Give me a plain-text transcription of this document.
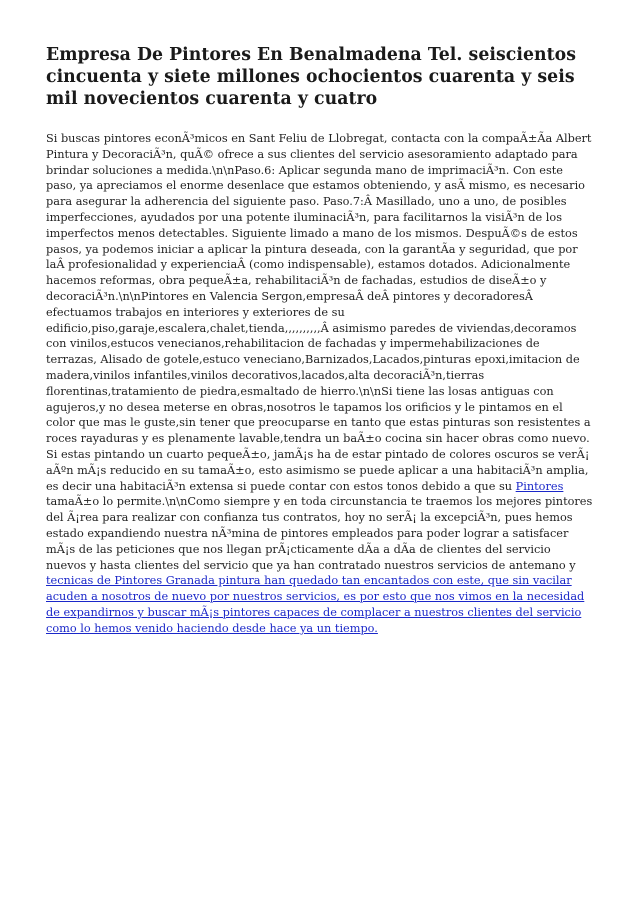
Empresa De Pintores En Benalmadena Tel. seiscientos cincuenta y siete millones ochocientos cuarenta y seis mil novecientos cuarenta y cuatro

Si buscas pintores econÃ³micos en Sant Feliu de Llobregat, contacta con la compaÃ±Ãa Albert Pintura y DecoraciÃ³n, quÃ© ofrece a sus clientes del servicio asesoramiento adaptado para brindar soluciones a medida.\n\nPaso.6: Aplicar segunda mano de imprimaciÃ³n. Con este paso, ya apreciamos el enorme desenlace que estamos obteniendo, y asÃ mismo, es necesario para asegurar la adherencia del siguiente paso. Paso.7:Â Masillado, uno a uno, de posibles imperfecciones, ayudados por una potente iluminaciÃ³n, para facilitarnos la visiÃ³n de los imperfectos menos detectables. Siguiente limado a mano de los mismos. DespuÃ©s de estos pasos, ya podemos iniciar a aplicar la pintura deseada, con la garantÃa y seguridad, que por laÂ profesionalidad y experienciaÂ (como indispensable), estamos dotados. Adicionalmente hacemos reformas, obra pequeÃ±a, rehabilitaciÃ³n de fachadas, estudios de diseÃ±o y decoraciÃ³n.\n\nPintores en Valencia Sergon,empresaÂ deÂ pintores y decoradoresÂ efectuamos trabajos en interiores y exteriores de su edificio,piso,garaje,escalera,chalet,tienda,,,,,,,,,,Â asimismo paredes de viviendas,decoramos con vinilos,estucos venecianos,rehabilitacion de fachadas y impermehabilizaciones de terrazas, Alisado de gotele,estuco veneciano,Barnizados,Lacados,pinturas epoxi,imitacion de madera,vinilos infantiles,vinilos decorativos,lacados,alta decoraciÃ³n,tierras florentinas,tratamiento de piedra,esmaltado de hierro.\n\nSi tiene las losas antiguas con agujeros,y no desea meterse en obras,nosotros le tapamos los orificios y le pintamos en el color que mas le guste,sin tener que preocuparse en tanto que estas pinturas son resistentes a roces rayaduras y es plenamente lavable,tendra un baÃ±o cocina sin hacer obras como nuevo. Si estas pintando un cuarto pequeÃ±o, jamÃ¡s ha de estar pintado de colores oscuros se verÃ¡ aÃºn mÃ¡s reducido en su tamaÃ±o, esto asimismo se puede aplicar a una habitaciÃ³n amplia, es decir una habitaciÃ³n extensa si puede contar con estos tonos debido a que su Pintores tamaÃ±o lo permite.\n\nComo siempre y en toda circunstancia te traemos los mejores pintores del Ã¡rea para realizar con confianza tus contratos, hoy no serÃ¡ la excepciÃ³n, pues hemos estado expandiendo nuestra nÃ³mina de pintores empleados para poder lograr a satisfacer mÃ¡s de las peticiones que nos llegan prÃ¡cticamente dÃa a dÃa de clientes del servicio nuevos y hasta clientes del servicio que ya han contratado nuestros servicios de antemano y tecnicas de Pintores Granada pintura han quedado tan encantados con este, que sin vacilar acuden a nosotros de nuevo por nuestros servicios, es por esto que nos vimos en la necesidad de expandirnos y buscar mÃ¡s pintores capaces de complacer a nuestros clientes del servicio como lo hemos venido haciendo desde hace ya un tiempo.
